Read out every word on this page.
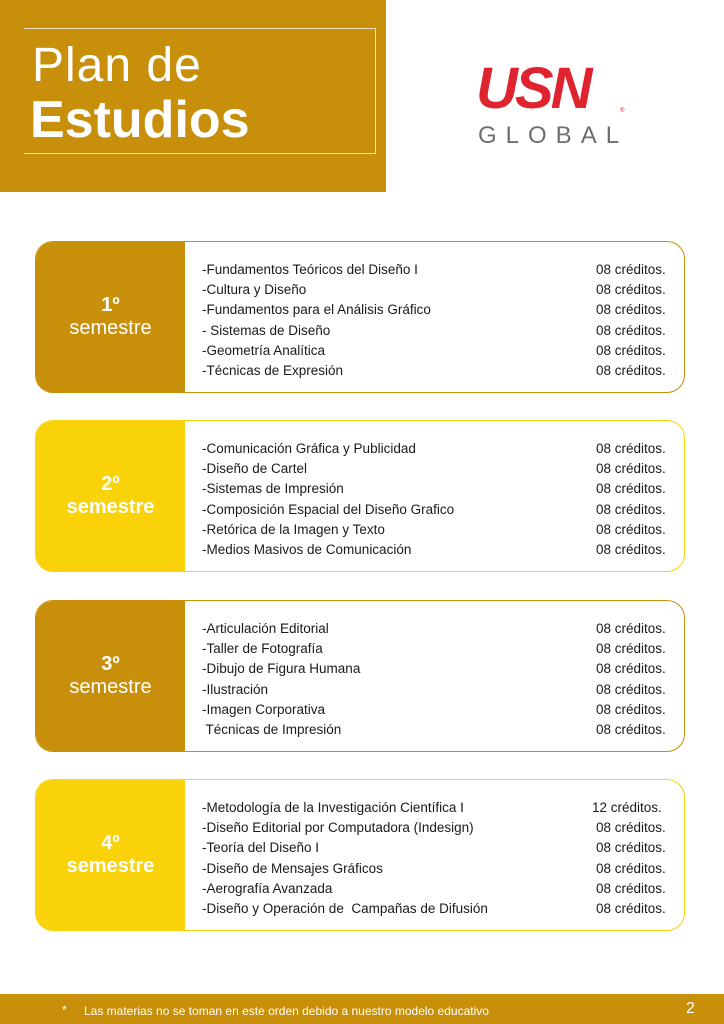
Plan de

Estudios	USN	®
GLOBAL
1º
semestre
-Fundamentos Teóricos del Diseño I	08 créditos.
-Cultura y Diseño	08 créditos.
-Fundamentos para el Análisis Gráfico	08 créditos.
- Sistemas de Diseño	08 créditos.
-Geometría Analítica	08 créditos.
-Técnicas de Expresión	08 créditos.
2º
semestre
-Comunicación Gráfica y Publicidad	08 créditos.
-Diseño de Cartel	08 créditos.
-Sistemas de Impresión	08 créditos.
-Composición Espacial del Diseño Grafico	08 créditos.
-Retórica de la Imagen y Texto	08 créditos.
-Medios Masivos de Comunicación	08 créditos.
3º
semestre
-Articulación Editorial	08 créditos.
-Taller de Fotografía	08 créditos.
-Dibujo de Figura Humana	08 créditos.
-Ilustración	08 créditos.
-Imagen Corporativa	08 créditos.
Técnicas de Impresión	08 créditos.
4º
semestre
-Metodología de la Investigación Científica I	12 créditos.
-Diseño Editorial por Computadora (Indesign)	08 créditos.
-Teoría del Diseño I	08 créditos.
-Diseño de Mensajes Gráficos	08 créditos.
-Aerografía Avanzada	08 créditos.
-Diseño y Operación de  Campañas de Difusión	08 créditos.
* Las materias no se toman en este orden debido a nuestro modelo educativo	2
